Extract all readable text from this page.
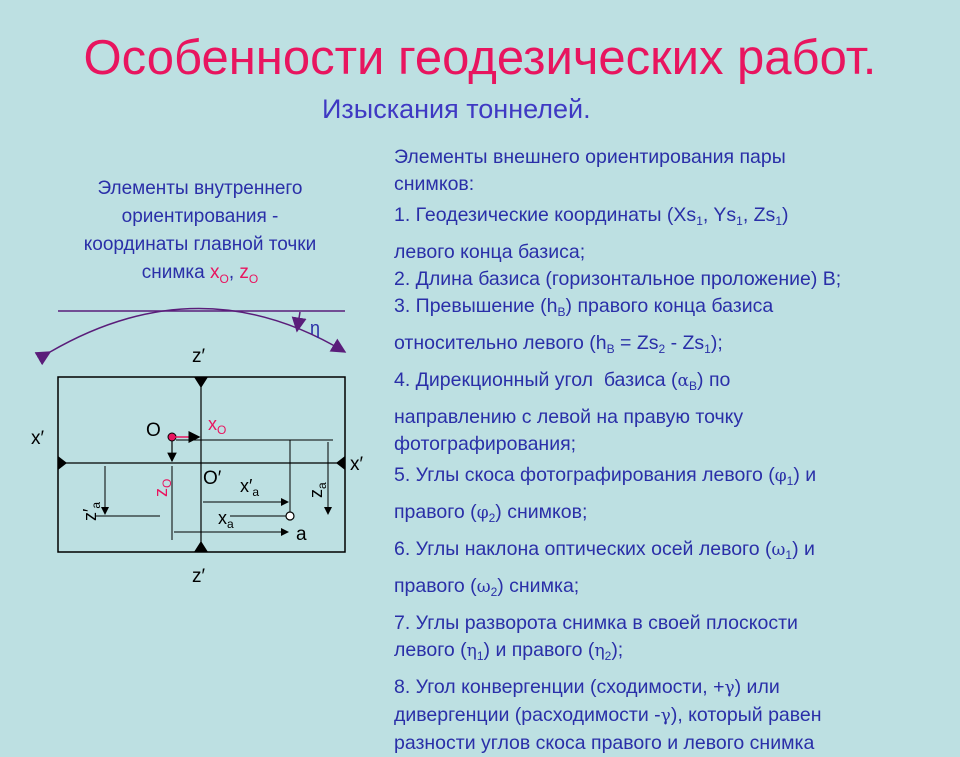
Особенности геодезических работ.
Изыскания тоннелей.
Элементы внутреннего
ориентирования -
координаты главной точки
снимка $x_O$, $z_O$

Элементы внешнего ориентирования пары

снимков:

1. Геодезические координаты ($Xs_1$, $Ys_1$, $Zs_1$)

левого конца базиса;

2. Длина базиса (горизонтальное проложение) B;

3. Превышение $(h_B)$ правого конца базиса

относительно левого $(h_B = Zs_2 - Zs_1)$;

4. Дирекционный угол  базиса $(\alpha_B)$ по

направлению с левой на правую точку

фотографирования;

5. Углы скоса фотографирования левого $(\varphi_1)$ и

правого $(\varphi_2)$ снимков;

6. Углы наклона оптических осей левого $(\omega_1)$ и

правого $(\omega_2)$ снимка;

7. Углы разворота снимка в своей плоскости

левого $(\eta_1)$ и правого $(\eta_2)$;

8. Угол конвергенции (сходимости, +γ) или

дивергенции (расходимости -γ), который равен

разности углов скоса правого и левого снимка

η
z′
z′
x′
x′
O
O′
$x_O$
$z_O$	$x'_a$
$x_a$
$z_a$
$z'_a$
a
